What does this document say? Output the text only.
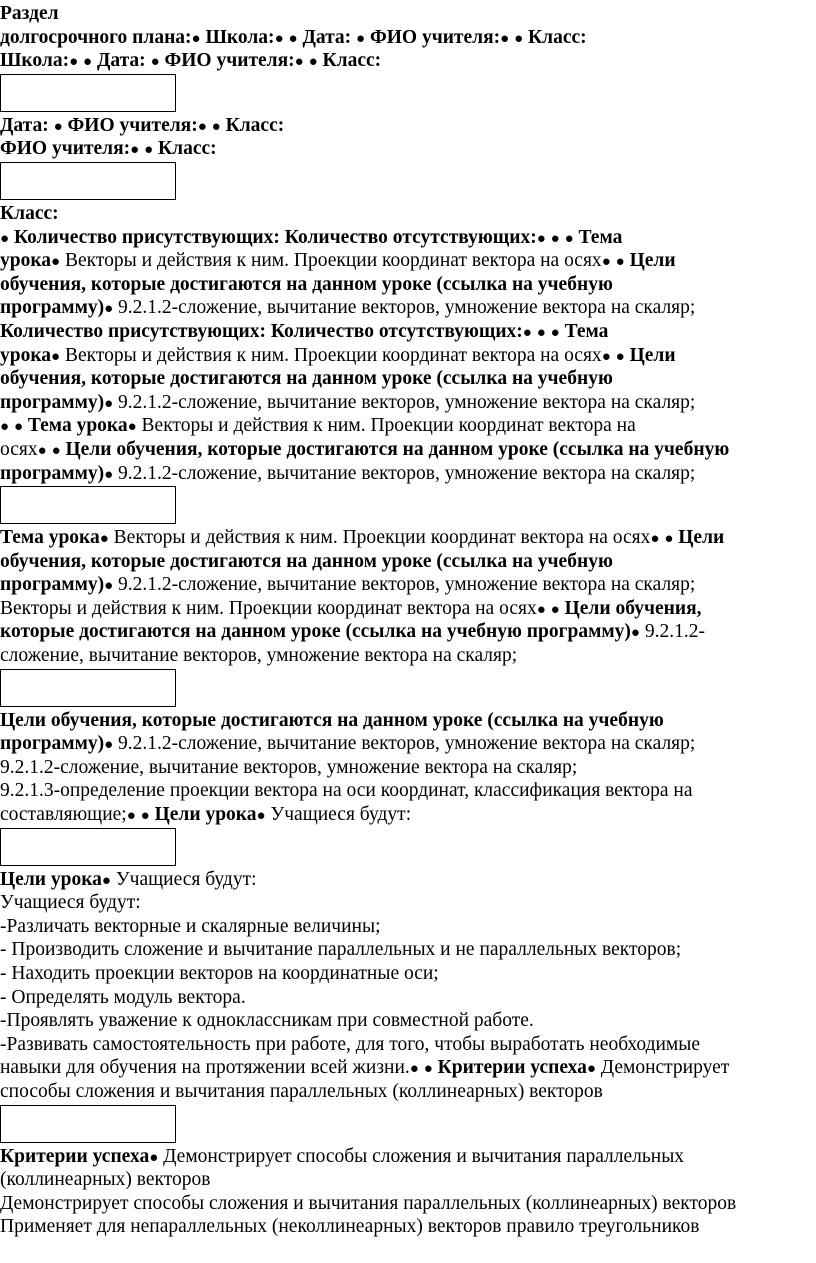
Раздел
долгосрочного плана:● Школа:● ● Дата: ● ФИО учителя:● ● Класс:
Школа:● ● Дата: ● ФИО учителя:● ● Класс:
Дата: ● ФИО учителя:● ● Класс:
ФИО учителя:● ● Класс:
Класс:
● Количество присутствующих: Количество отсутствующих:● ● ● Тема
урока● Векторы и действия к ним. Проекции координат вектора на осях● ● Цели
обучения, которые достигаются на данном уроке (ссылка на учебную
программу)● 9.2.1.2-сложение, вычитание векторов, умножение вектора на скаляр;
Количество присутствующих: Количество отсутствующих:● ● ● Тема
урока● Векторы и действия к ним. Проекции координат вектора на осях● ● Цели
обучения, которые достигаются на данном уроке (ссылка на учебную
программу)● 9.2.1.2-сложение, вычитание векторов, умножение вектора на скаляр;
● ● Тема урока● Векторы и действия к ним. Проекции координат вектора на
осях● ● Цели обучения, которые достигаются на данном уроке (ссылка на учебную
программу)● 9.2.1.2-сложение, вычитание векторов, умножение вектора на скаляр;
Тема урока● Векторы и действия к ним. Проекции координат вектора на осях● ● Цели
обучения, которые достигаются на данном уроке (ссылка на учебную
программу)● 9.2.1.2-сложение, вычитание векторов, умножение вектора на скаляр;
Векторы и действия к ним. Проекции координат вектора на осях● ● Цели обучения,
которые достигаются на данном уроке (ссылка на учебную программу)● 9.2.1.2-
сложение, вычитание векторов, умножение вектора на скаляр;
Цели обучения, которые достигаются на данном уроке (ссылка на учебную
программу)● 9.2.1.2-сложение, вычитание векторов, умножение вектора на скаляр;
9.2.1.2-сложение, вычитание векторов, умножение вектора на скаляр;
9.2.1.3-определение проекции вектора на оси координат, классификация вектора на
составляющие;● ● Цели урока● Учащиеся будут:
Цели урока● Учащиеся будут:
Учащиеся будут:
-Различать векторные и скалярные величины;
- Производить сложение и вычитание параллельных и не параллельных векторов;
- Находить проекции векторов на координатные оси;
- Определять модуль вектора.
-Проявлять уважение к одноклассникам при совместной работе.
-Развивать самостоятельность при работе, для того, чтобы выработать необходимые
навыки для обучения на протяжении всей жизни.● ● Критерии успеха● Демонстрирует
способы сложения и вычитания параллельных (коллинеарных) векторов
Критерии успеха● Демонстрирует способы сложения и вычитания параллельных
(коллинеарных) векторов
Демонстрирует способы сложения и вычитания параллельных (коллинеарных) векторов
Применяет для непараллельных (неколлинеарных) векторов правило треугольников
